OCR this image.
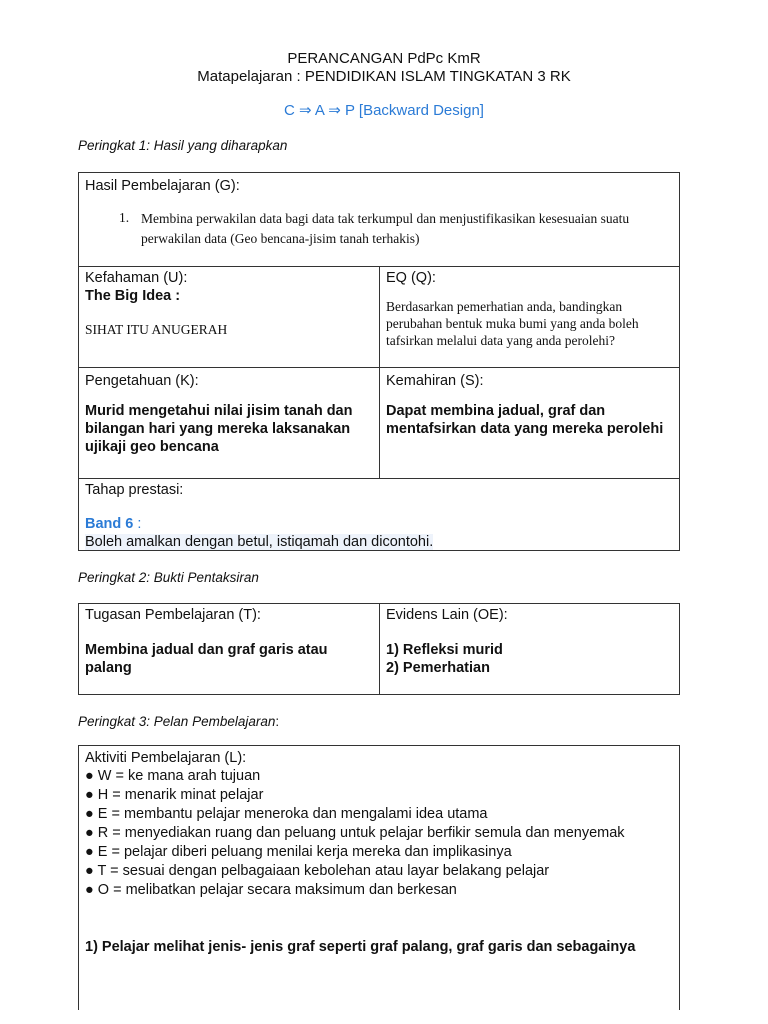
PERANCANGAN PdPc KmR
Matapelajaran : PENDIDIKAN ISLAM TINGKATAN 3 RK
C ⇒ A ⇒ P [Backward Design]
Peringkat 1: Hasil yang diharapkan
Hasil Pembelajaran (G):
1. Membina perwakilan data bagi data tak terkumpul dan menjustifikasikan kesesuaian suatu perwakilan data (Geo bencana-jisim tanah terhakis)
Kefahaman (U):
The Big Idea :
SIHAT ITU ANUGERAH
EQ (Q):
Berdasarkan pemerhatian anda, bandingkan perubahan bentuk muka bumi yang anda boleh tafsirkan melalui data yang anda perolehi?
Pengetahuan (K):
Murid mengetahui nilai jisim tanah dan bilangan hari yang mereka laksanakan ujikaji geo bencana
Kemahiran (S):
Dapat membina jadual, graf dan mentafsirkan data yang mereka perolehi
Tahap prestasi:
Band 6 :
Boleh amalkan dengan betul, istiqamah dan dicontohi.
Peringkat 2: Bukti Pentaksiran
Tugasan Pembelajaran (T):
Membina jadual dan graf garis atau palang
Evidens Lain (OE):
1) Refleksi murid
2) Pemerhatian
Peringkat 3: Pelan Pembelajaran:
Aktiviti Pembelajaran (L):
● W = ke mana arah tujuan
● H = menarik minat pelajar
● E = membantu pelajar meneroka dan mengalami idea utama
● R = menyediakan ruang dan peluang untuk pelajar berfikir semula dan menyemak
● E = pelajar diberi peluang menilai kerja mereka dan implikasinya
● T = sesuai dengan pelbagaiaan kebolehan atau layar belakang pelajar
● O = melibatkan pelajar secara maksimum dan berkesan
1) Pelajar melihat jenis- jenis graf seperti graf palang, graf garis dan sebagainya
